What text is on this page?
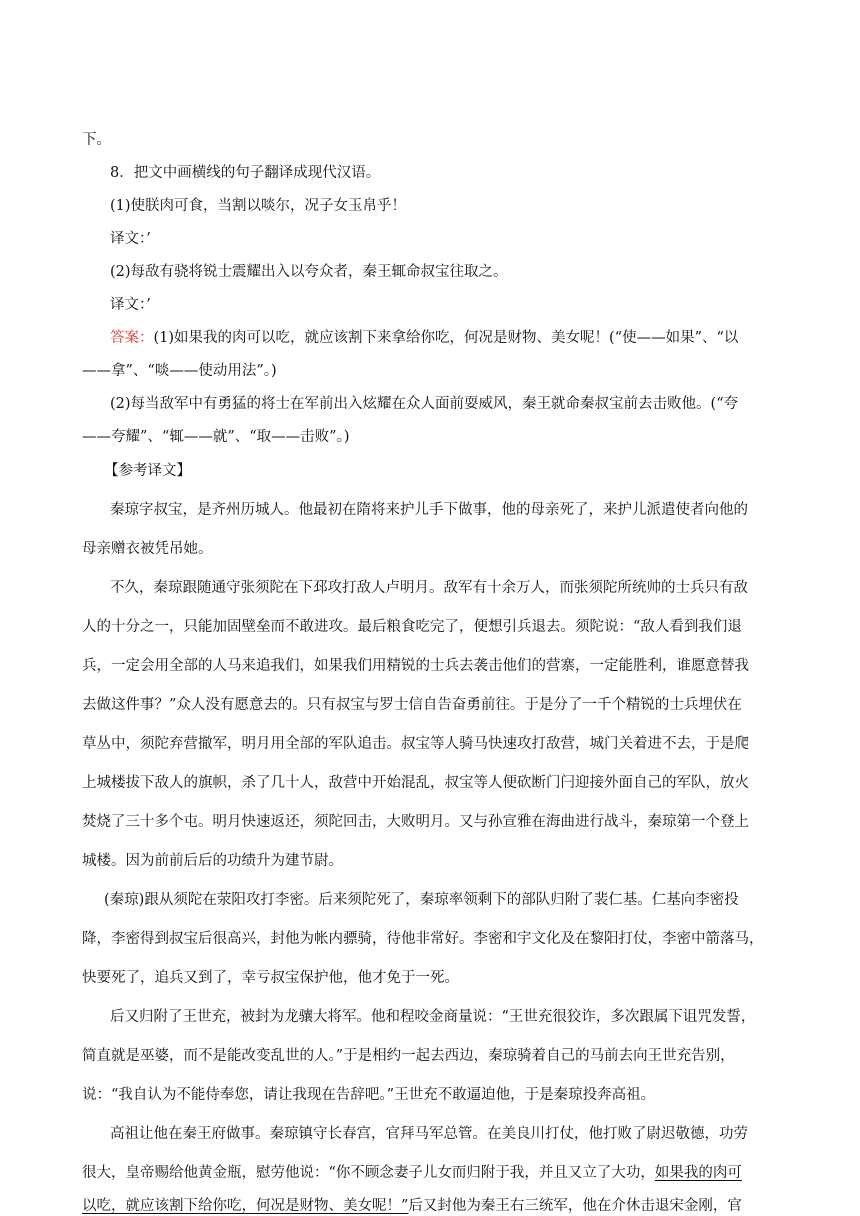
下。
8．把文中画横线的句子翻译成现代汉语。
(1)使朕肉可食，当割以啖尔，况子女玉帛乎！
译文：’
(2)每敌有骁将锐士震耀出入以夸众者，秦王辄命叔宝往取之。
译文：’
答案：(1)如果我的肉可以吃，就应该割下来拿给你吃，何况是财物、美女呢！(“使——如果”、“以
——拿”、“啖——使动用法”。)
(2)每当敌军中有勇猛的将士在军前出入炫耀在众人面前耍威风，秦王就命秦叔宝前去击败他。(“夸
——夸耀”、“辄——就”、“取——击败”。)
【参考译文】
秦琼字叔宝，是齐州历城人。他最初在隋将来护儿手下做事，他的母亲死了，来护儿派遣使者向他的
母亲赠衣被凭吊她。
不久，秦琼跟随通守张须陀在下邳攻打敌人卢明月。敌军有十余万人，而张须陀所统帅的士兵只有敌
人的十分之一，只能加固壁垒而不敢进攻。最后粮食吃完了，便想引兵退去。须陀说：“敌人看到我们退
兵，一定会用全部的人马来追我们，如果我们用精锐的士兵去袭击他们的营寨，一定能胜利，谁愿意替我
去做这件事？”众人没有愿意去的。只有叔宝与罗士信自告奋勇前往。于是分了一千个精锐的士兵埋伏在
草丛中，须陀弃营撤军，明月用全部的军队追击。叔宝等人骑马快速攻打敌营，城门关着进不去，于是爬
上城楼拔下敌人的旗帜，杀了几十人，敌营中开始混乱，叔宝等人便砍断门闩迎接外面自己的军队，放火
焚烧了三十多个屯。明月快速返还，须陀回击，大败明月。又与孙宣雅在海曲进行战斗，秦琼第一个登上
城楼。因为前前后后的功绩升为建节尉。
(秦琼)跟从须陀在荥阳攻打李密。后来须陀死了，秦琼率领剩下的部队归附了裴仁基。仁基向李密投
降，李密得到叔宝后很高兴，封他为帐内骠骑，待他非常好。李密和宇文化及在黎阳打仗，李密中箭落马，
快要死了，追兵又到了，幸亏叔宝保护他，他才免于一死。
后又归附了王世充，被封为龙骧大将军。他和程咬金商量说：“王世充很狡诈，多次跟属下诅咒发誓，
简直就是巫婆，而不是能改变乱世的人。”于是相约一起去西边，秦琼骑着自己的马前去向王世充告别，
说：“我自认为不能侍奉您，请让我现在告辞吧。”王世充不敢逼迫他，于是秦琼投奔高祖。
高祖让他在秦王府做事。秦琼镇守长春宫，官拜马军总管。在美良川打仗，他打败了尉迟敬德，功劳
很大，皇帝赐给他黄金瓶，慰劳他说：“你不顾念妻子儿女而归附于我，并且又立了大功，如果我的肉可
以吃，就应该割下给你吃，何况是财物、美女呢！”后又封他为秦王右三统军，他在介休击退宋金刚，官
